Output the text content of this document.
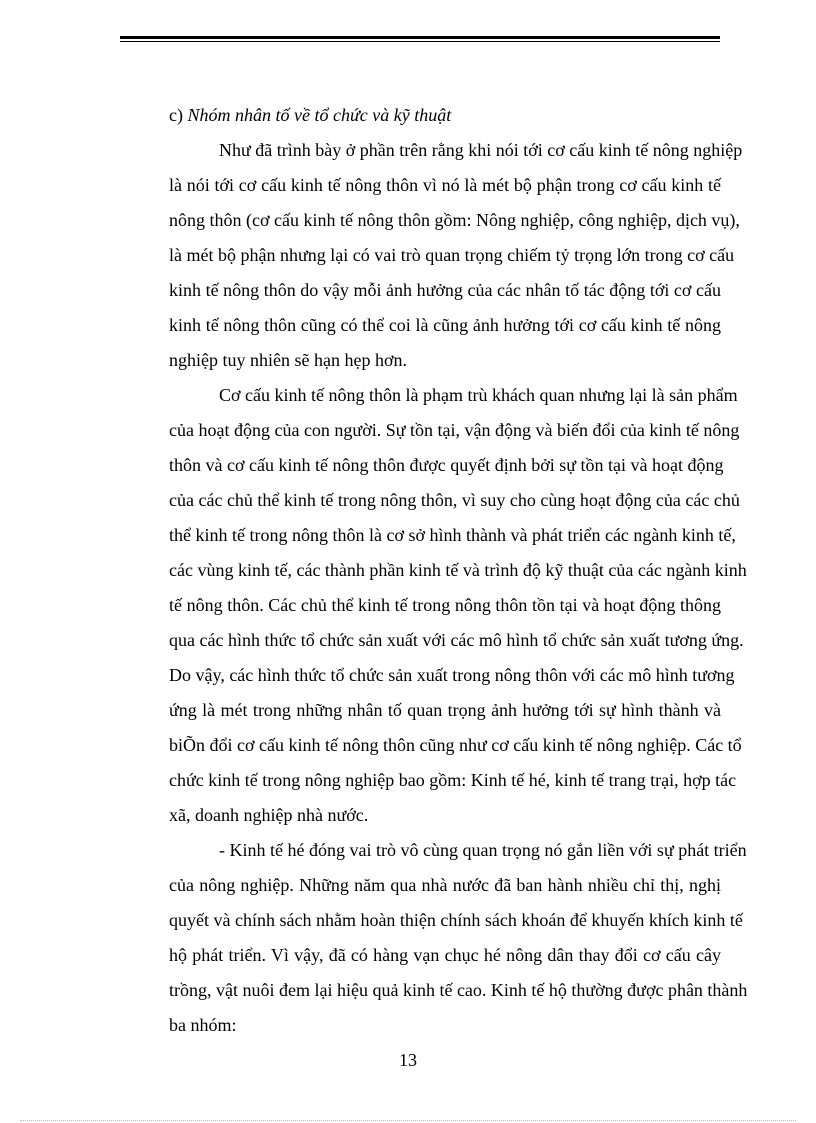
c) Nhóm nhân tố về tổ chức và kỹ thuật
Như đã trình bày ở phần trên rằng khi nói tới cơ cấu kinh tế nông nghiệp
là nói tới cơ cấu kinh tế nông thôn vì nó là mét bộ phận trong cơ cấu kinh tế
nông thôn (cơ cấu kinh tế nông thôn gồm: Nông nghiệp, công nghiệp, dịch vụ),
là mét bộ phận nhưng lại có vai trò quan trọng chiếm tỷ trọng lớn trong cơ cấu
kinh tế nông thôn do vậy mỗi ảnh hưởng của các nhân tố tác động tới cơ cấu
kinh tế nông thôn cũng có thể coi là cũng ảnh hưởng tới cơ cấu kinh tế nông
nghiệp tuy nhiên sẽ hạn hẹp hơn.
Cơ cấu kinh tế nông thôn là phạm trù khách quan nhưng lại là sản phẩm
của hoạt động của con người. Sự tồn tại, vận động và biến đổi của kinh tế nông
thôn và cơ cấu kinh tế nông thôn được quyết định bởi sự tồn tại và hoạt động
của các chủ thể kinh tế trong nông thôn, vì suy cho cùng hoạt động của các chủ
thể kinh tế trong nông thôn là cơ sở hình thành và phát triển các ngành kinh tế,
các vùng kinh tế, các thành phần kinh tế và trình độ kỹ thuật của các ngành kinh
tế nông thôn. Các chủ thể kinh tế trong nông thôn tồn tại và hoạt động thông
qua các hình thức tổ chức sản xuất với các mô hình tổ chức sản xuất tương ứng.
Do vậy, các hình thức tổ chức sản xuất trong nông thôn với các mô hình tương
ứng là mét trong những nhân tố quan trọng ảnh hưởng tới sự hình thành và
biÕn đổi cơ cấu kinh tế nông thôn cũng như cơ cấu kinh tế nông nghiệp. Các tổ
chức kinh tế trong nông nghiệp bao gồm: Kinh tế hé, kinh tế trang trại, hợp tác
xã, doanh nghiệp nhà nước.
- Kinh tế hé đóng vai trò vô cùng quan trọng nó gắn liền với sự phát triển
của nông nghiệp. Những năm qua nhà nước đã ban hành nhiều chỉ thị, nghị
quyết và chính sách nhằm hoàn thiện chính sách khoán để khuyến khích kinh tế
hộ phát triển. Vì vậy, đã có hàng vạn chục hé nông dân thay đổi cơ cấu cây
trồng, vật nuôi đem lại hiệu quả kinh tế cao. Kinh tế hộ thường được phân thành
ba nhóm:
13
